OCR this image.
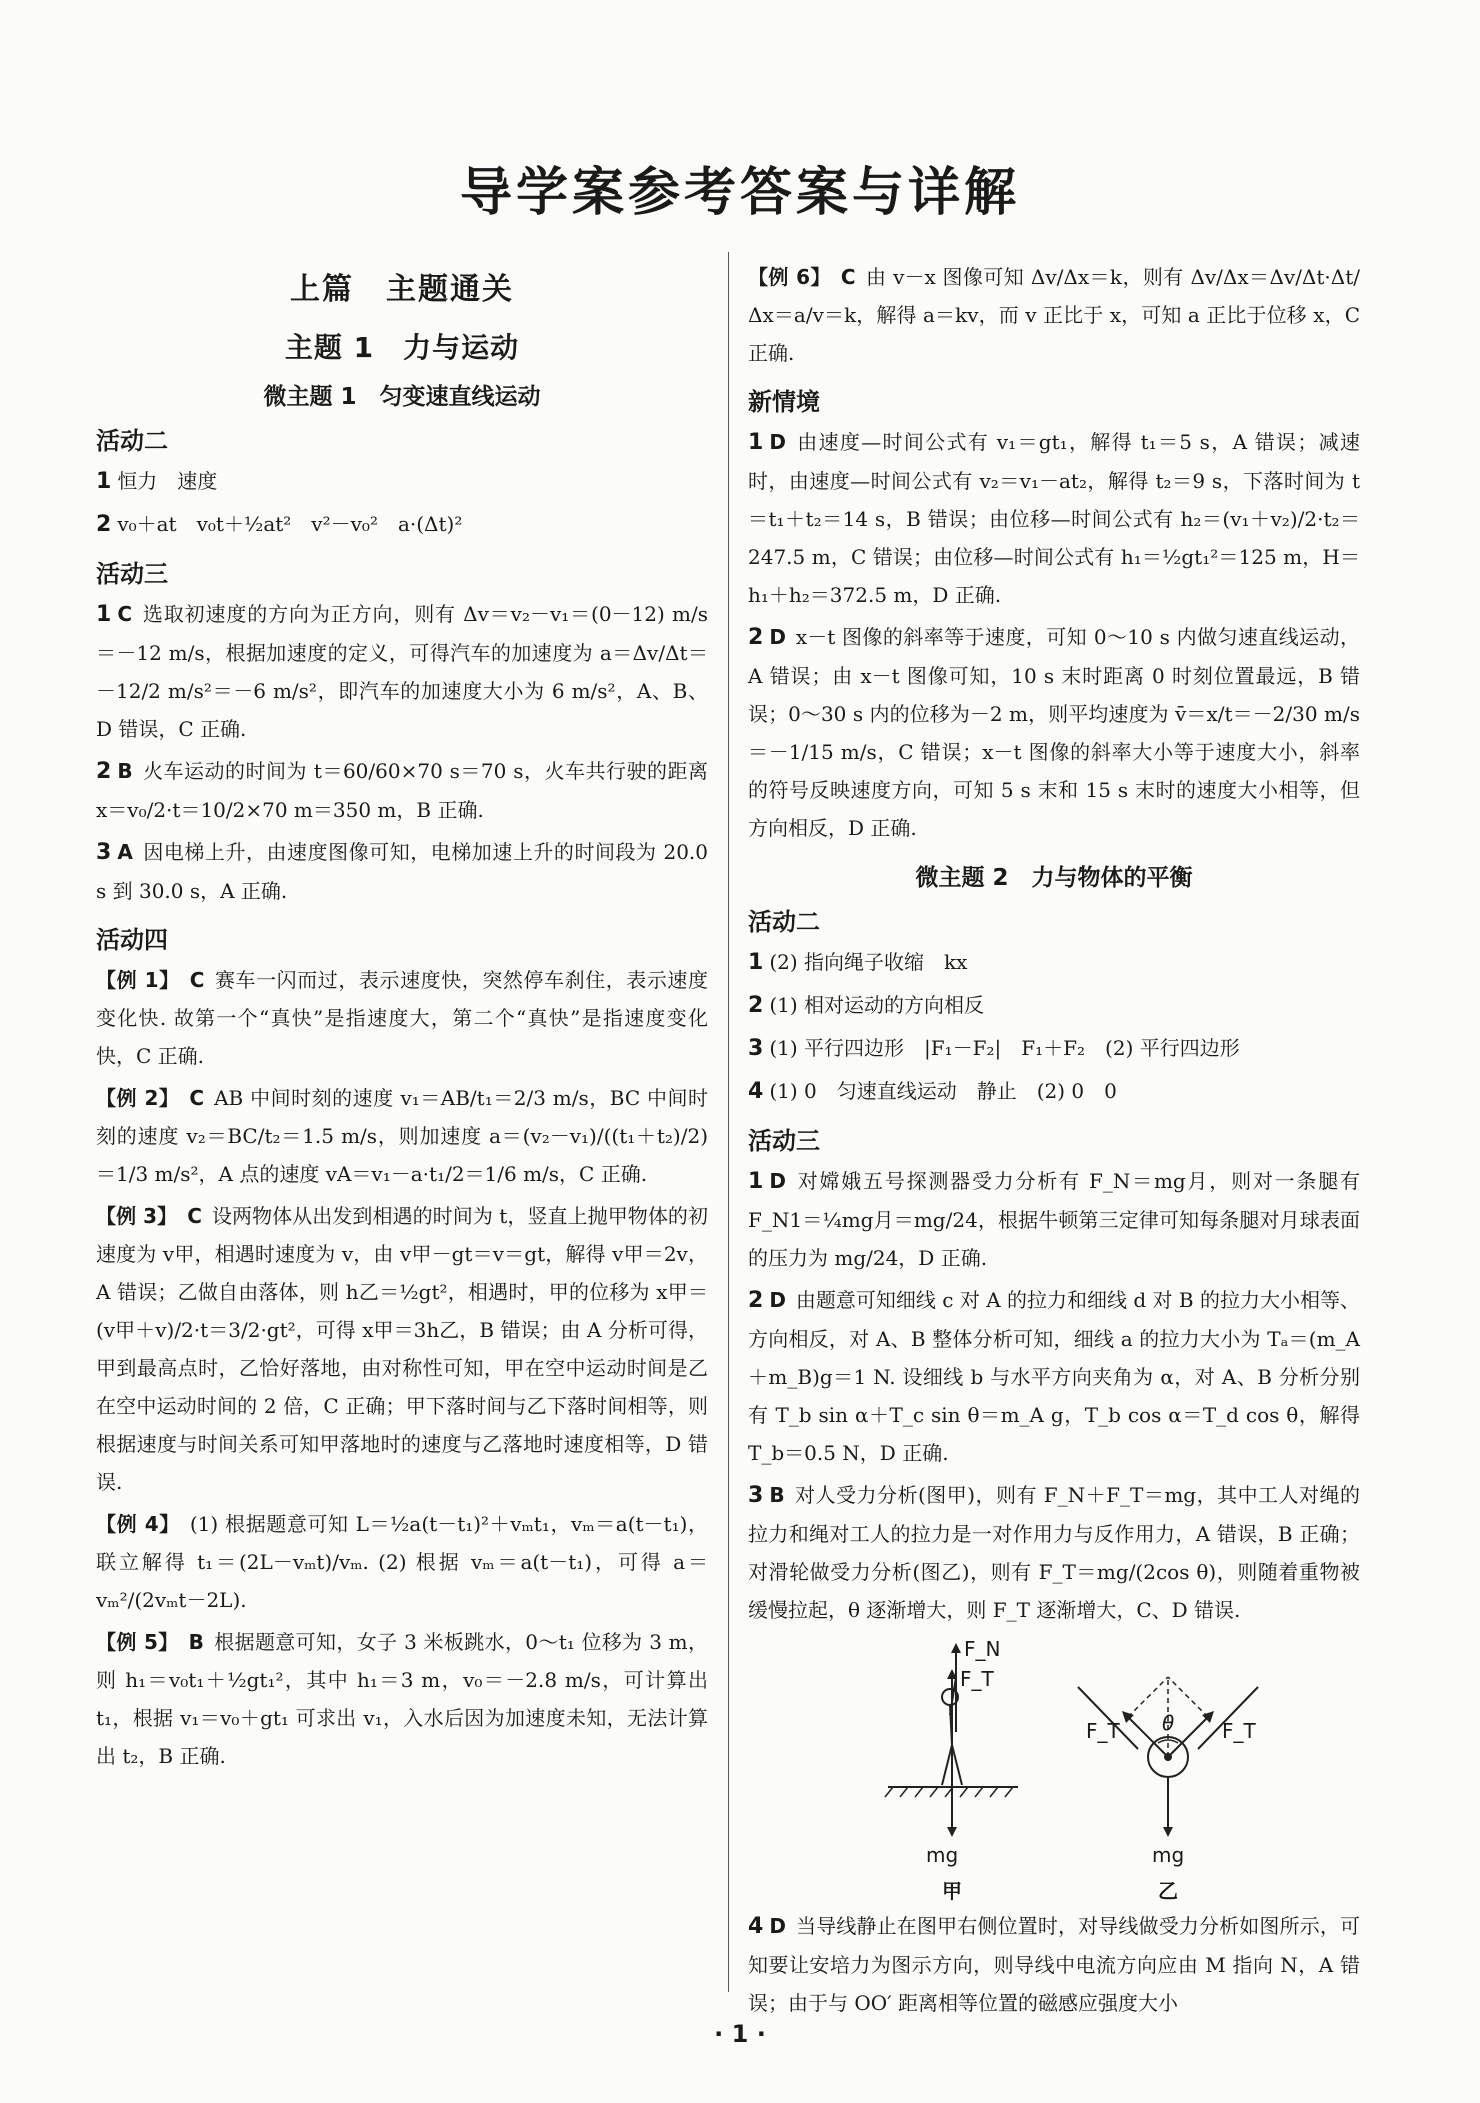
导学案参考答案与详解
上篇　主题通关
主题 1　力与运动
微主题 1　匀变速直线运动
活动二

1 恒力　速度

2 v₀＋at　v₀t＋½at²　v²－v₀²　a·(Δt)²

活动三

1 C 选取初速度的方向为正方向，则有 Δv＝v₂－v₁＝(0－12) m/s＝－12 m/s，根据加速度的定义，可得汽车的加速度为 a＝Δv/Δt＝－12/2 m/s²＝－6 m/s²，即汽车的加速度大小为 6 m/s²，A、B、D 错误，C 正确.

2 B 火车运动的时间为 t＝60/60×70 s＝70 s，火车共行驶的距离 x＝v₀/2·t＝10/2×70 m＝350 m，B 正确.

3 A 因电梯上升，由速度图像可知，电梯加速上升的时间段为 20.0 s 到 30.0 s，A 正确.

活动四

【例 1】 C 赛车一闪而过，表示速度快，突然停车刹住，表示速度变化快. 故第一个“真快”是指速度大，第二个“真快”是指速度变化快，C 正确.

【例 2】 C AB 中间时刻的速度 v₁＝AB/t₁＝2/3 m/s，BC 中间时刻的速度 v₂＝BC/t₂＝1.5 m/s，则加速度 a＝(v₂－v₁)/((t₁＋t₂)/2)＝1/3 m/s²，A 点的速度 vA＝v₁－a·t₁/2＝1/6 m/s，C 正确.

【例 3】 C 设两物体从出发到相遇的时间为 t，竖直上抛甲物体的初速度为 v甲，相遇时速度为 v，由 v甲－gt＝v＝gt，解得 v甲＝2v，A 错误；乙做自由落体，则 h乙＝½gt²，相遇时，甲的位移为 x甲＝(v甲＋v)/2·t＝3/2·gt²，可得 x甲＝3h乙，B 错误；由 A 分析可得，甲到最高点时，乙恰好落地，由对称性可知，甲在空中运动时间是乙在空中运动时间的 2 倍，C 正确；甲下落时间与乙下落时间相等，则根据速度与时间关系可知甲落地时的速度与乙落地时速度相等，D 错误.

【例 4】 (1) 根据题意可知 L＝½a(t－t₁)²＋vₘt₁，vₘ＝a(t－t₁)，联立解得 t₁＝(2L－vₘt)/vₘ. (2) 根据 vₘ＝a(t－t₁)，可得 a＝vₘ²/(2vₘt－2L).

【例 5】 B 根据题意可知，女子 3 米板跳水，0～t₁ 位移为 3 m，则 h₁＝v₀t₁＋½gt₁²，其中 h₁＝3 m，v₀＝－2.8 m/s，可计算出 t₁，根据 v₁＝v₀＋gt₁ 可求出 v₁，入水后因为加速度未知，无法计算出 t₂，B 正确.

【例 6】 C 由 v－x 图像可知 Δv/Δx＝k，则有 Δv/Δx＝Δv/Δt·Δt/Δx＝a/v＝k，解得 a＝kv，而 v 正比于 x，可知 a 正比于位移 x，C 正确.

新情境

1 D 由速度—时间公式有 v₁＝gt₁，解得 t₁＝5 s，A 错误；减速时，由速度—时间公式有 v₂＝v₁－at₂，解得 t₂＝9 s，下落时间为 t＝t₁＋t₂＝14 s，B 错误；由位移—时间公式有 h₂＝(v₁＋v₂)/2·t₂＝247.5 m，C 错误；由位移—时间公式有 h₁＝½gt₁²＝125 m，H＝h₁＋h₂＝372.5 m，D 正确.

2 D x－t 图像的斜率等于速度，可知 0～10 s 内做匀速直线运动，A 错误；由 x－t 图像可知，10 s 末时距离 0 时刻位置最远，B 错误；0～30 s 内的位移为－2 m，则平均速度为 v̄＝x/t＝－2/30 m/s＝－1/15 m/s，C 错误；x－t 图像的斜率大小等于速度大小，斜率的符号反映速度方向，可知 5 s 末和 15 s 末时的速度大小相等，但方向相反，D 正确.

微主题 2　力与物体的平衡
活动二

1 (2) 指向绳子收缩　kx

2 (1) 相对运动的方向相反

3 (1) 平行四边形　|F₁－F₂|　F₁＋F₂　(2) 平行四边形

4 (1) 0　匀速直线运动　静止　(2) 0　0

活动三

1 D 对嫦娥五号探测器受力分析有 F_N＝mg月，则对一条腿有 F_N1＝¼mg月＝mg/24，根据牛顿第三定律可知每条腿对月球表面的压力为 mg/24，D 正确.

2 D 由题意可知细线 c 对 A 的拉力和细线 d 对 B 的拉力大小相等、方向相反，对 A、B 整体分析可知，细线 a 的拉力大小为 Tₐ＝(m_A＋m_B)g＝1 N. 设细线 b 与水平方向夹角为 α，对 A、B 分析分别有 T_b sin α＋T_c sin θ＝m_A g，T_b cos α＝T_d cos θ，解得 T_b＝0.5 N，D 正确.

3 B 对人受力分析(图甲)，则有 F_N＋F_T＝mg，其中工人对绳的拉力和绳对工人的拉力是一对作用力与反作用力，A 错误，B 正确；对滑轮做受力分析(图乙)，则有 F_T＝mg/(2cos θ)，则随着重物被缓慢拉起，θ 逐渐增大，则 F_T 逐渐增大，C、D 错误.

F_N
F_T
mg
F_T	F_T
θ
mg
甲	乙

4 D 当导线静止在图甲右侧位置时，对导线做受力分析如图所示，可知要让安培力为图示方向，则导线中电流方向应由 M 指向 N，A 错误；由于与 OO′ 距离相等位置的磁感应强度大小

· 1 ·
